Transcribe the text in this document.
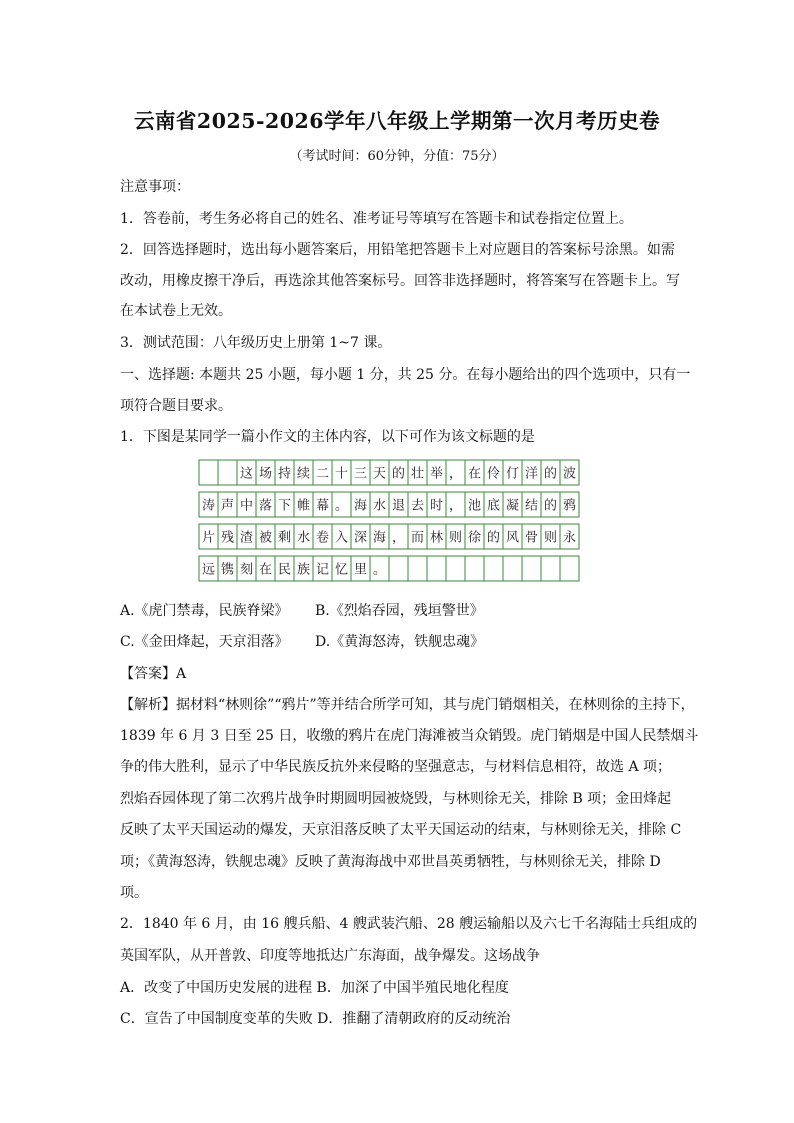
云南省2025-2026学年八年级上学期第一次月考历史卷
（考试时间：60分钟，分值：75分）
注意事项：
1．答卷前，考生务必将自己的姓名、准考证号等填写在答题卡和试卷指定位置上。
2．回答选择题时，选出每小题答案后，用铅笔把答题卡上对应题目的答案标号涂黑。如需
改动，用橡皮擦干净后，再选涂其他答案标号。回答非选择题时，将答案写在答题卡上。写
在本试卷上无效。
3．测试范围：八年级历史上册第 1~7 课。
一、选择题: 本题共 25 小题，每小题 1 分，共 25 分。在每小题给出的四个选项中，只有一
项符合题目要求。
1．下图是某同学一篇小作文的主体内容，以下可作为该文标题的是
这 场 持 续 二 十 三 天 的 壮 举 ， 在 伶 仃 洋 的 波
涛 声 中 落 下 帷 幕 。 海 水 退 去 时 ， 池 底 凝 结 的 鸦
片 残 渣 被 剩 水 卷 入 深 海 ， 而 林 则 徐 的 风 骨 则 永
远 镌 刻 在 民 族 记 忆 里 。
A.《虎门禁毒，民族脊梁》 B.《烈焰吞园，残垣警世》
C.《金田烽起，天京泪落》 D.《黄海怒涛，铁舰忠魂》
【答案】A
【解析】据材料“林则徐”“鸦片”等并结合所学可知，其与虎门销烟相关，在林则徐的主持下，
1839 年 6 月 3 日至 25 日，收缴的鸦片在虎门海滩被当众销毁。虎门销烟是中国人民禁烟斗
争的伟大胜利，显示了中华民族反抗外来侵略的坚强意志，与材料信息相符，故选 A 项；
烈焰吞园体现了第二次鸦片战争时期圆明园被烧毁，与林则徐无关，排除 B 项；金田烽起
反映了太平天国运动的爆发，天京泪落反映了太平天国运动的结束，与林则徐无关，排除 C
项；《黄海怒涛，铁舰忠魂》反映了黄海海战中邓世昌英勇牺牲，与林则徐无关，排除 D
项。
2．1840 年 6 月，由 16 艘兵船、4 艘武装汽船、28 艘运输船以及六七千名海陆士兵组成的
英国军队，从开普敦、印度等地抵达广东海面，战争爆发。这场战争
A．改变了中国历史发展的进程 B．加深了中国半殖民地化程度
C．宣告了中国制度变革的失败 D．推翻了清朝政府的反动统治
